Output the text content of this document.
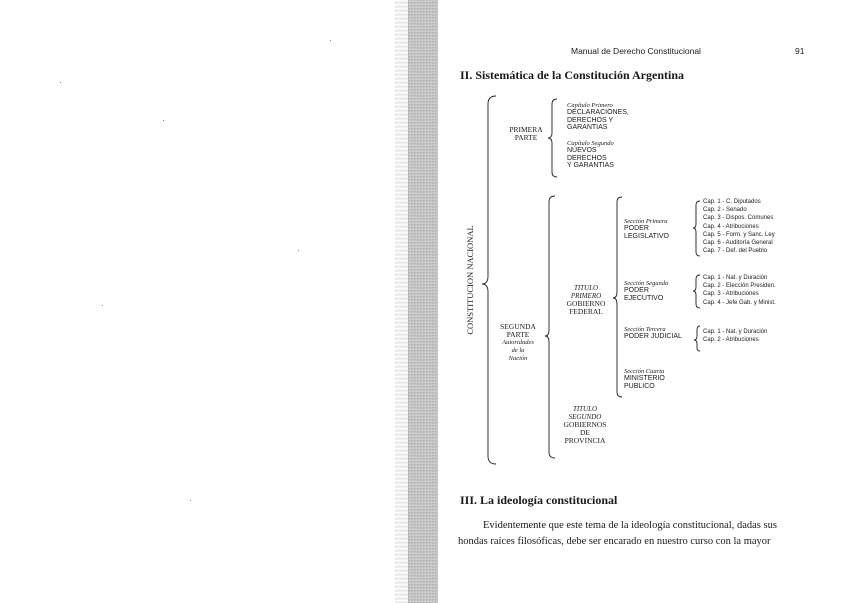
Manual de Derecho Constitucional	91
II. Sistemática de la Constitución Argentina
CONSTITUCION NACIONAL
PRIMERA
PARTE
Capítulo Primero
DECLARACIONES,
DERECHOS Y
GARANTIAS
Capítulo Segundo
NUEVOS
DERECHOS
Y GARANTIAS
SEGUNDA
PARTE
Autoridades
de la
Nación
TITULO
PRIMERO
GOBIERNO
FEDERAL
Sección Primera
PODER
LEGISLATIVO
Cap. 1 - C. Diputados
Cap. 2 - Senado
Cap. 3 - Dispos. Comunes
Cap. 4 - Atribuciones
Cap. 5 - Form. y Sanc. Ley
Cap. 6 - Auditoría General
Cap. 7 - Def. del Pueblo
Sección Segunda
PODER
EJECUTIVO
Cap. 1 - Nat. y Duración
Cap. 2 - Elección Presiden.
Cap. 3 - Atribuciones
Cap. 4 - Jefe Gab. y Minist.
Sección Tercera
PODER JUDICIAL
Cap. 1 - Nat. y Duración
Cap. 2 - Atribuciones
Sección Cuarta
MINISTERIO
PUBLICO
TITULO
SEGUNDO
GOBIERNOS
DE
PROVINCIA
III. La ideología constitucional
Evidentemente que este tema de la ideología constitucional, dadas sus
hondas raíces filosóficas, debe ser encarado en nuestro curso con la mayor
